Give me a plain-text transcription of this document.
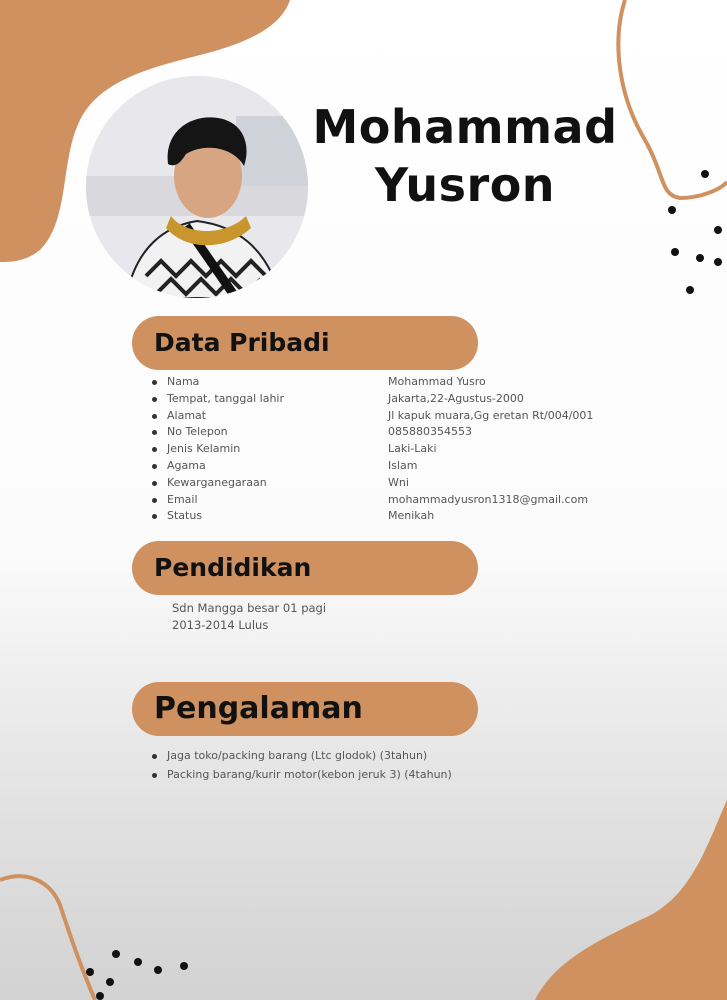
Mohammad
Yusron
Data Pribadi
Nama	Mohammad Yusro
Tempat, tanggal lahir	Jakarta,22-Agustus-2000
Alamat	Jl kapuk muara,Gg eretan Rt/004/001
No Telepon	085880354553
Jenis Kelamin	Laki-Laki
Agama	Islam
Kewarganegaraan	Wni
Email	mohammadyusron1318@gmail.com
Status	Menikah
Pendidikan
Sdn Mangga besar 01 pagi
2013-2014 Lulus
Pengalaman
Jaga toko/packing barang (Ltc glodok) (3tahun)
Packing barang/kurir motor(kebon jeruk 3) (4tahun)
